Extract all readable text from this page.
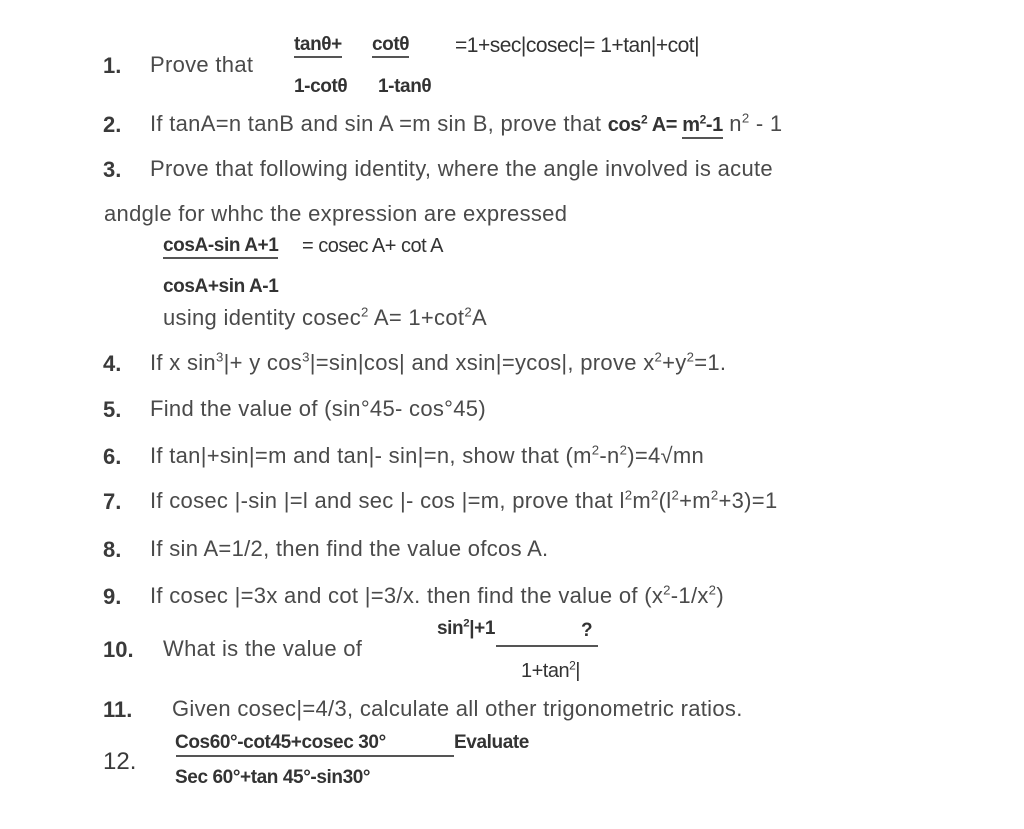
1. Prove that
tanθ+
1-cotθ
cotθ
1-tanθ
=1+sec|cosec|= 1+tan|+cot|
2. If tanA=n tanB and sin A =m sin B, prove that $\cos^2 A= m^2-1$ $n^2 - 1$
3. Prove that following identity, where the angle involved is acute
andgle for whhc the expression are expressed
cosA-sin A+1 = cosec A+ cot A
cosA+sin A-1
using identity cosec$^2$ $A= 1+\cot^2A$
4. If x $\sin^3|+ y$ $\cos^3|=\sin|\cos|$ and xsin|=ycos|, prove $x^2+y^2=1$.
5. Find the value of (sin°45- cos°45)
6. If tan|+sin|=m and tan|- sin|=n, show that $(m^2-n^2)=4√mn$
7. If cosec |-sin |=l and sec |- cos |=m, prove that $l^2m^2(l^2+m^2+3)=1$
8. If sin A=1/2, then find the value ofcos A.
9. If cosec |=3x and cot |=3/x. then find the value of $(x^2-1/x^2)$
10. What is the value of
$\sin^2|+1$	?
$1+\tan^2|$
11. Given cosec|=4/3, calculate all other trigonometric ratios.
12.
Cos60°-cot45+cosec 30°	Evaluate
Sec 60°+tan 45°-sin30°
